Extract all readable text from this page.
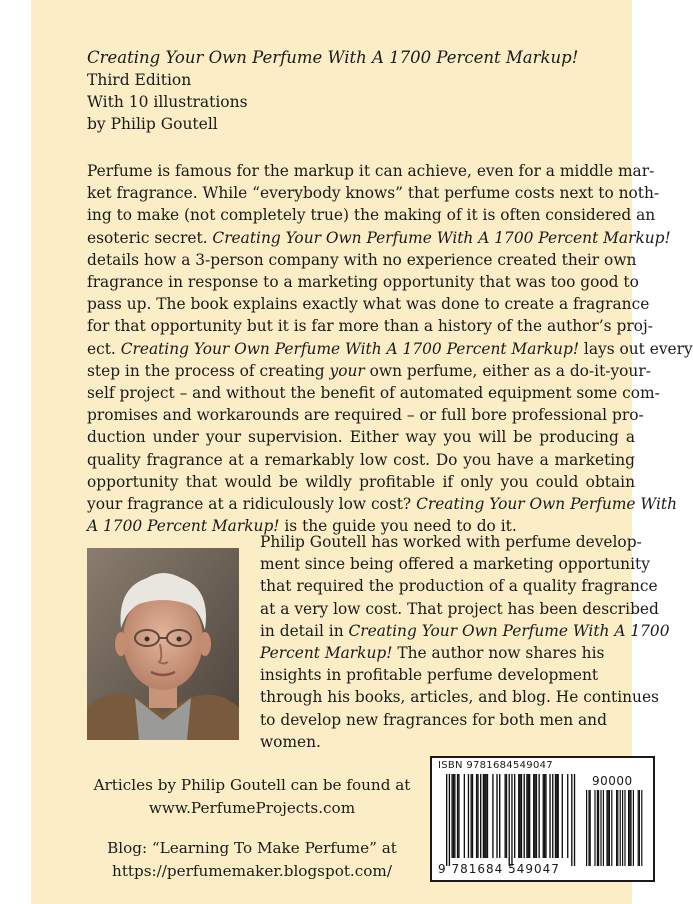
Creating Your Own Perfume With A 1700 Percent Markup!
Third Edition
With 10 illustrations
by Philip Goutell
Perfume is famous for the markup it can achieve, even for a middle mar-
ket fragrance. While “everybody knows” that perfume costs next to noth-
ing to make (not completely true) the making of it is often considered an
esoteric secret. Creating Your Own Perfume With A 1700 Percent Markup!
details how a 3-person company with no experience created their own
fragrance in response to a marketing opportunity that was too good to
pass up. The book explains exactly what was done to create a fragrance
for that opportunity but it is far more than a history of the author’s proj-
ect. Creating Your Own Perfume With A 1700 Percent Markup! lays out every
step in the process of creating your own perfume, either as a do-it-your-
self project – and without the benefit of automated equipment some com-
promises and workarounds are required – or full bore professional pro-
duction under your supervision. Either way you will be producing a
quality fragrance at a remarkably low cost. Do you have a marketing
opportunity that would be wildly profitable if only you could obtain
your fragrance at a ridiculously low cost? Creating Your Own Perfume With
A 1700 Percent Markup! is the guide you need to do it.
Philip Goutell has worked with perfume develop-
ment since being offered a marketing opportunity
that required the production of a quality fragrance
at a very low cost. That project has been described
in detail in Creating Your Own Perfume With A 1700
Percent Markup! The author now shares his
insights in profitable perfume development
through his books, articles, and blog. He continues
to develop new fragrances for both men and
women.
Articles by Philip Goutell can be found at
www.PerfumeProjects.com
Blog: “Learning To Make Perfume” at
https://perfumemaker.blogspot.com/
ISBN 9781684549047
90000
9 781684 549047
